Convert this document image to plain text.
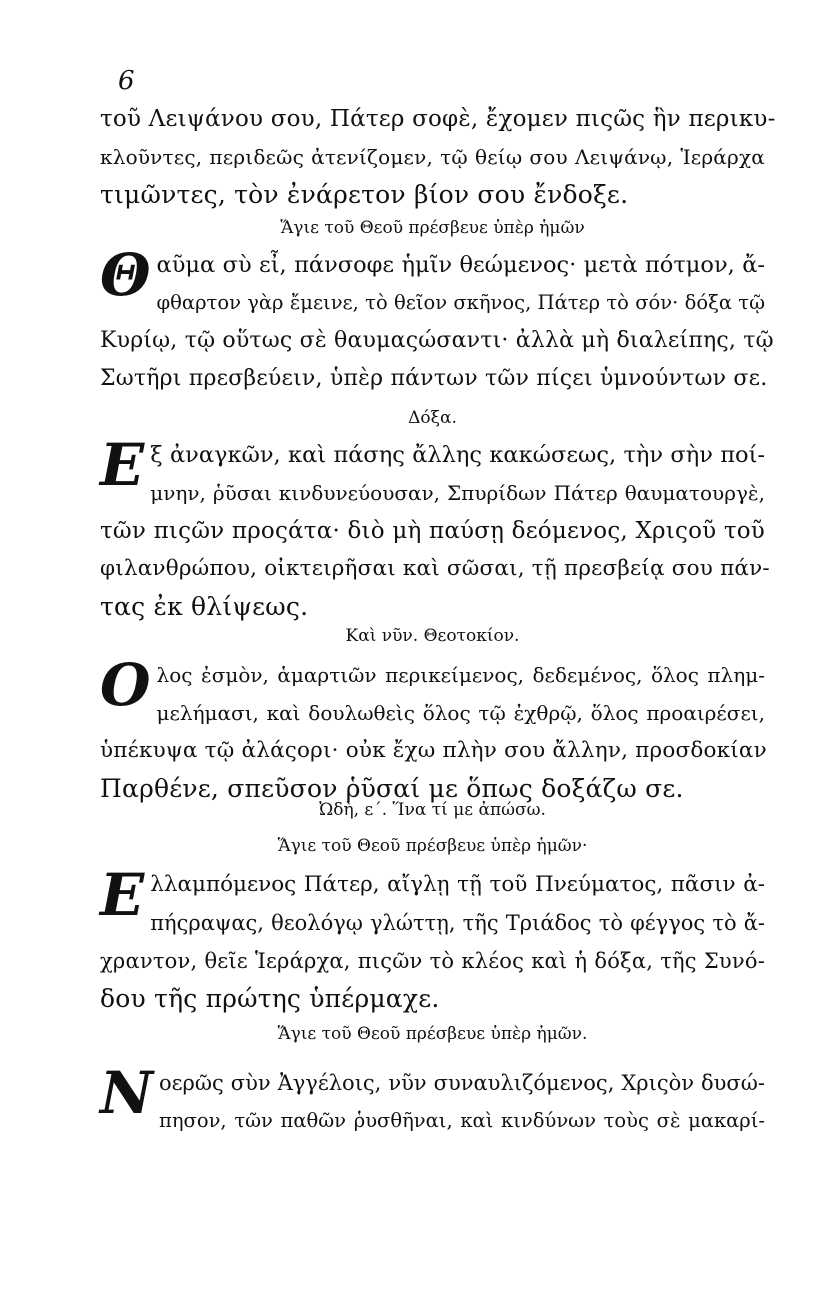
6
τοῦ Λειψάνου σου, Πάτερ σοφὲ, ἔχομεν πιςῶς ἣν περικυ-
κλοῦντες, περιδεῶς ἀτενίζομεν, τῷ θείῳ σου Λειψάνῳ, Ἱεράρχα
τιμῶντες, τὸν ἐνάρετον βίον σου ἔνδοξε.
Ἅγιε τοῦ Θεοῦ πρέσβευε ὑπὲρ ἡμῶν
Θ αῦμα σὺ εἶ, πάνσοφε ἡμῖν θεώμενος· μετὰ πότμον, ἄ-
φθαρτον γὰρ ἔμεινε, τὸ θεῖον σκῆνος, Πάτερ τὸ σόν· δόξα τῷ
Κυρίῳ, τῷ οὕτως σὲ θαυμαςώσαντι· ἀλλὰ μὴ διαλείπης, τῷ
Σωτῆρι πρεσβεύειν, ὑπὲρ πάντων τῶν πίςει ὑμνούντων σε.
Δόξα.
Ε ξ ἀναγκῶν, καὶ πάσης ἄλλης κακώσεως, τὴν σὴν ποί-
μνην, ῥῦσαι κινδυνεύουσαν, Σπυρίδων Πάτερ θαυματουργὲ,
τῶν πιςῶν προςάτα· διὸ μὴ παύσῃ δεόμενος, Χριςοῦ τοῦ
φιλανθρώπου, οἰκτειρῆσαι καὶ σῶσαι, τῇ πρεσβείᾳ σου πάν-
τας ἐκ θλίψεως.
Καὶ νῦν. Θεοτοκίον.
Ο λος ἐσμὸν, ἁμαρτιῶν περικείμενος, δεδεμένος, ὅλος πλημ-
μελήμασι, καὶ δουλωθεὶς ὅλος τῷ ἐχθρῷ, ὅλος προαιρέσει,
ὑπέκυψα τῷ ἀλάςορι· οὐκ ἔχω πλὴν σου ἄλλην, προσδοκίαν
Παρθένε, σπεῦσον ῥῦσαί με ὅπως δοξάζω σε.
Ὠδὴ, ε΄. Ἵνα τί με ἀπώσω.
Ἅγιε τοῦ Θεοῦ πρέσβευε ὑπὲρ ἡμῶν·
Ε λλαμπόμενος Πάτερ, αἴγλῃ τῇ τοῦ Πνεύματος, πᾶσιν ἀ-
πήςραψας, θεολόγῳ γλώττῃ, τῆς Τριάδος τὸ φέγγος τὸ ἄ-
χραντον, θεῖε Ἱεράρχα, πιςῶν τὸ κλέος καὶ ἡ δόξα, τῆς Συνό-
δου τῆς πρώτης ὑπέρμαχε.
Ἅγιε τοῦ Θεοῦ πρέσβευε ὑπὲρ ἡμῶν.
Ν οερῶς σὺν Ἀγγέλοις, νῦν συναυλιζόμενος, Χριςὸν δυσώ-
πησον, τῶν παθῶν ῥυσθῆναι, καὶ κινδύνων τοὺς σὲ μακαρί-
